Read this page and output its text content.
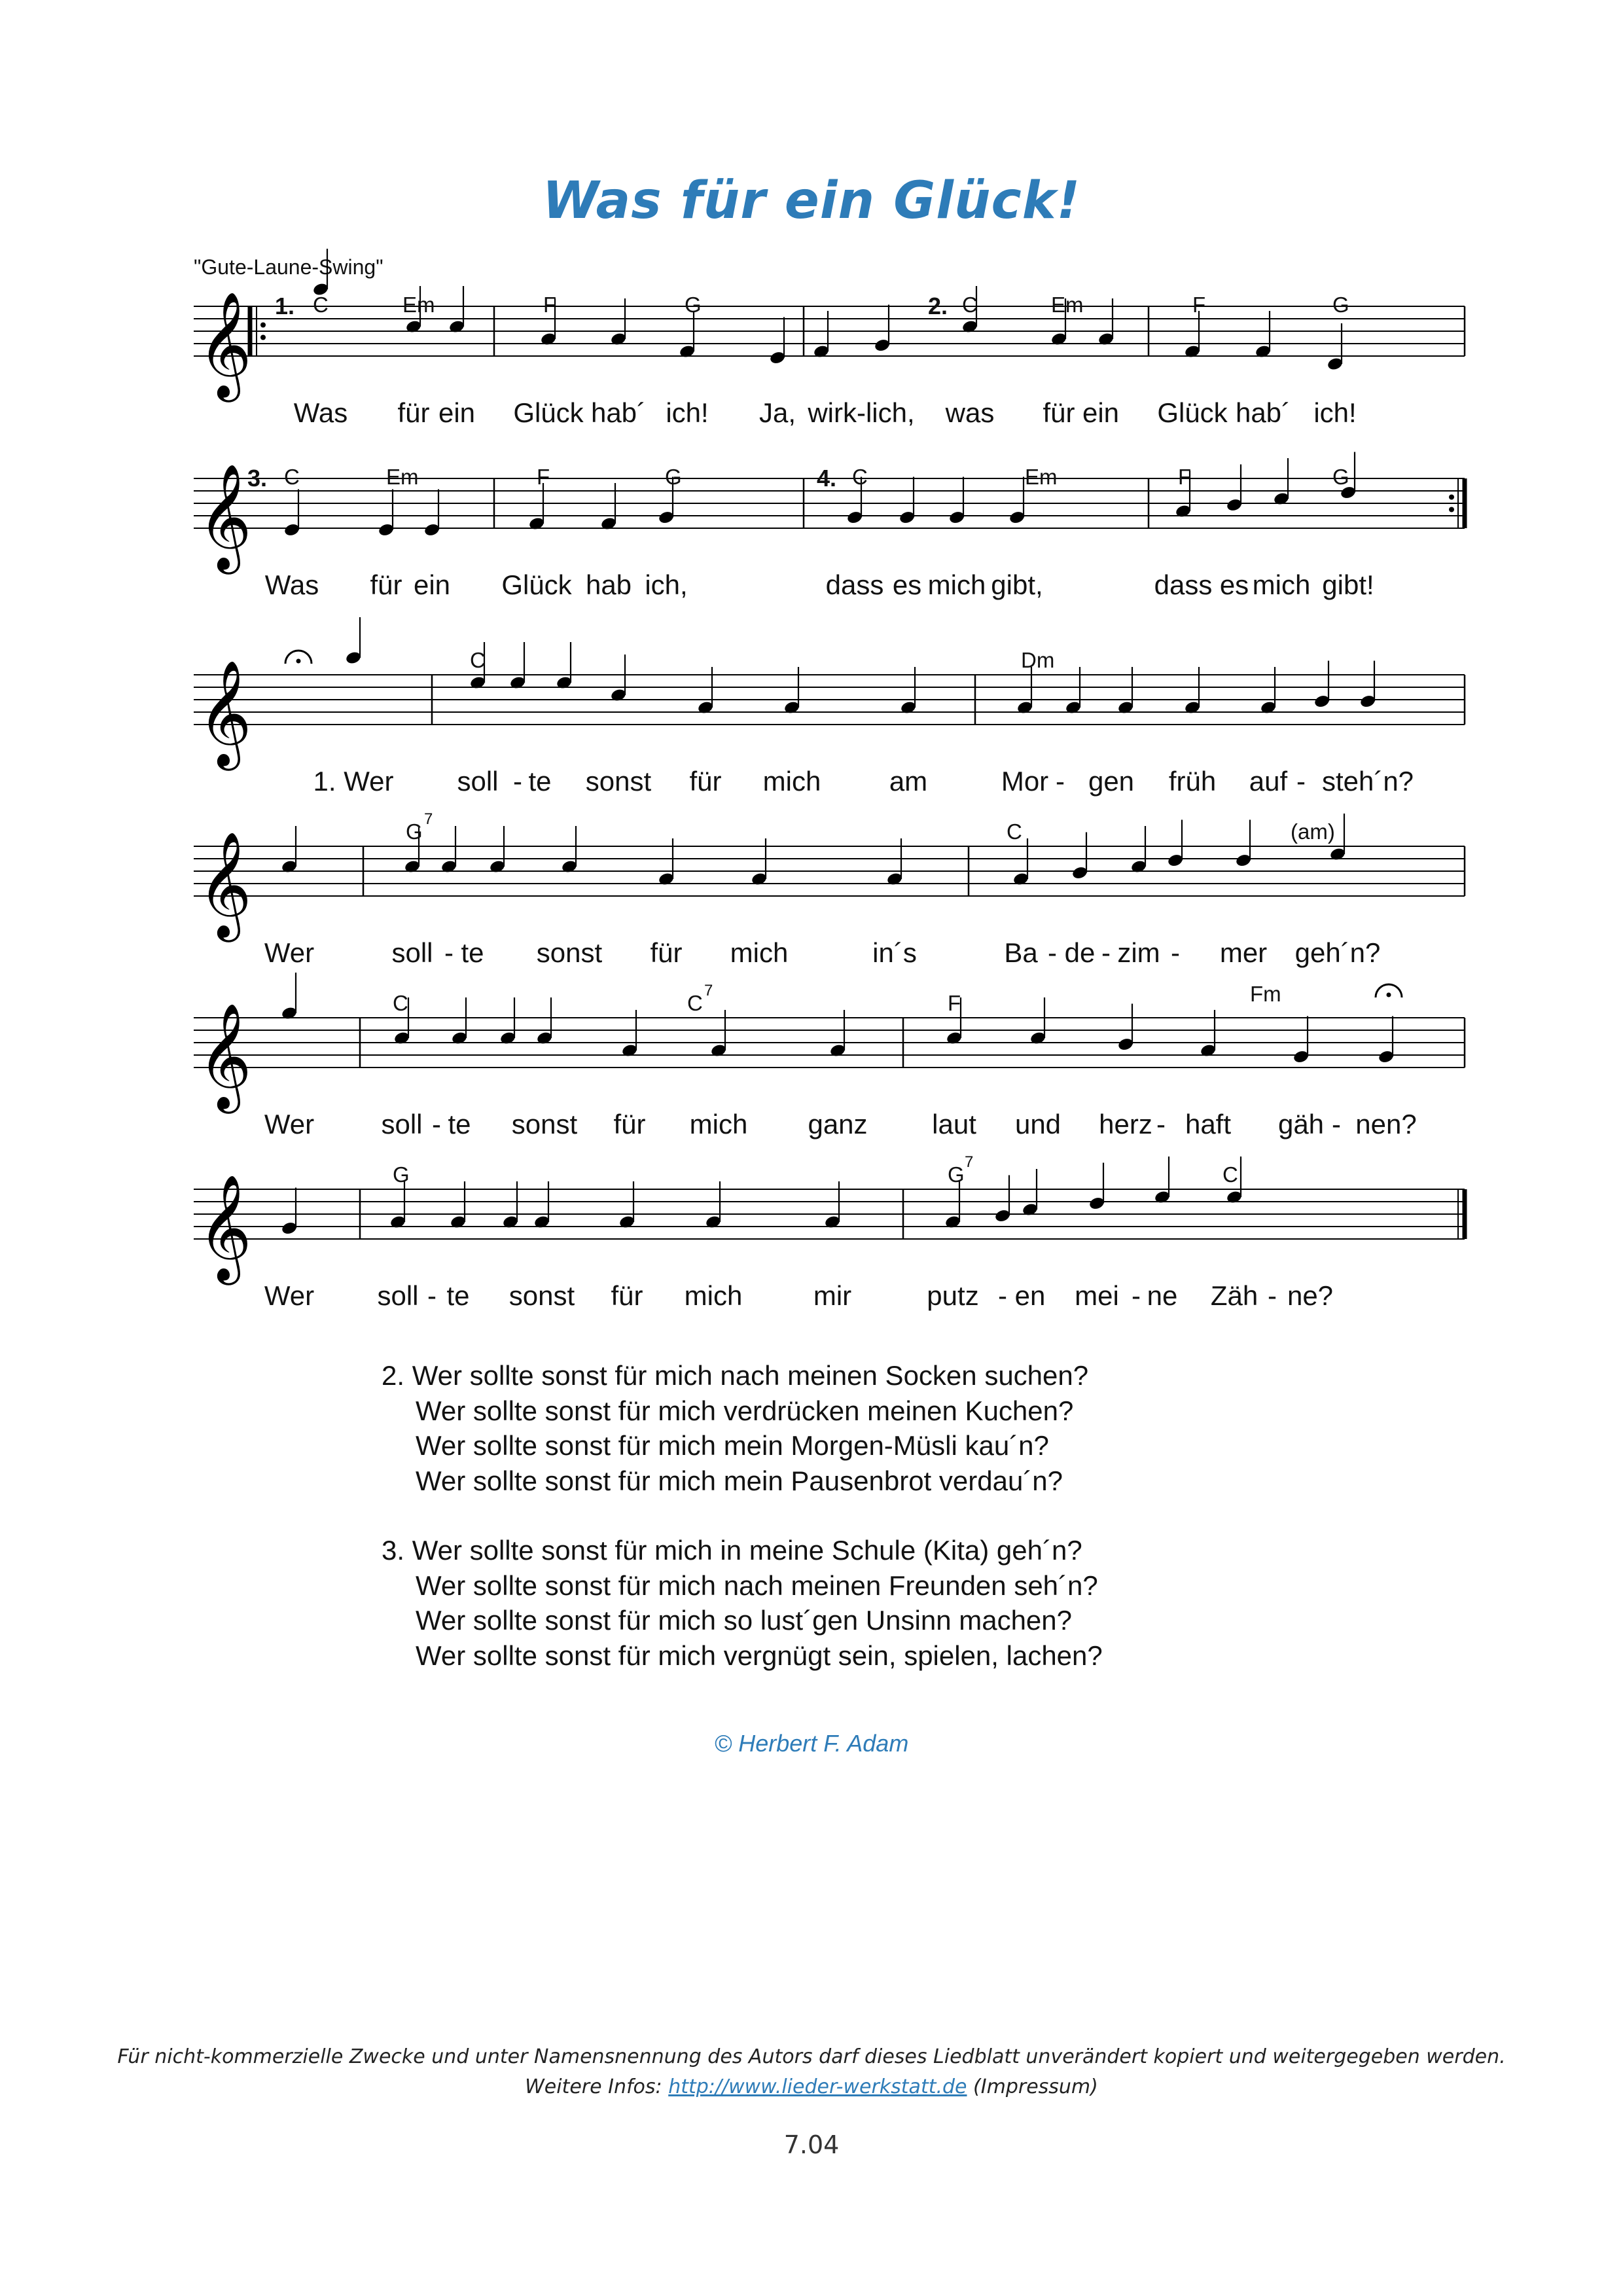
Was für ein Glück!
"Gute-Laune-Swing"
𝄞
𝄞
𝄞
𝄞
𝄞
𝄞
1.	2.
C	Em	F	G	C	Em	F	G
Was für ein Glück hab´ ich! Ja, wirk-lich, was für ein Glück hab´ ich!
3.	4.
C	Em	F	G	C	Em	F	G
Was für ein Glück hab ich,	dass es mich gibt,	dass es mich gibt!
C	Dm
1. Wer soll - te sonst für mich am	Mor - gen früh auf - steh´n?
G
7
C	(am)
Wer	soll - te sonst für mich	in´s	Ba - de - zim - mer geh´n?
C	C
7
F	Fm
Wer soll - te sonst für mich ganz laut und herz - haft gäh - nen?
G	G
7
C
Wer soll - te sonst für mich	mir	putz - en mei - ne Zäh - ne?
2. Wer sollte sonst für mich nach meinen Socken suchen?
Wer sollte sonst für mich verdrücken meinen Kuchen?
Wer sollte sonst für mich mein Morgen-Müsli kau´n?
Wer sollte sonst für mich mein Pausenbrot verdau´n?
3. Wer sollte sonst für mich in meine Schule (Kita) geh´n?
Wer sollte sonst für mich nach meinen Freunden seh´n?
Wer sollte sonst für mich so lust´gen Unsinn machen?
Wer sollte sonst für mich vergnügt sein, spielen, lachen?
© Herbert F. Adam
Für nicht-kommerzielle Zwecke und unter Namensnennung des Autors darf dieses Liedblatt unverändert kopiert und weitergegeben werden.
Weitere Infos: http://www.lieder-werkstatt.de (Impressum)
7.04
